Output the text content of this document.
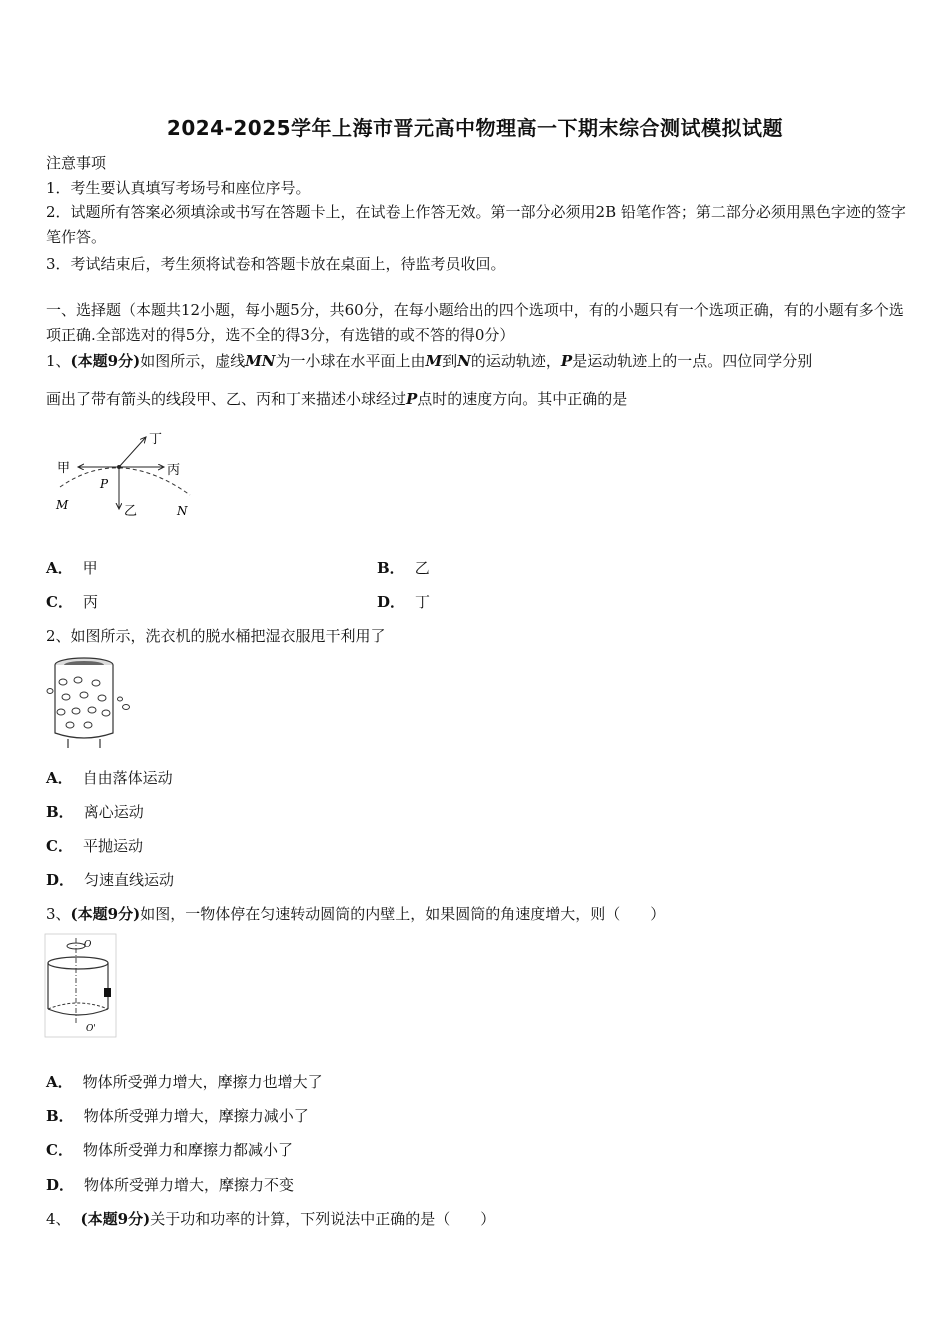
2024-2025学年上海市晋元高中物理高一下期末综合测试模拟试题
注意事项
1．考生要认真填写考场号和座位序号。
2．试题所有答案必须填涂或书写在答题卡上，在试卷上作答无效。第一部分必须用2B 铅笔作答；第二部分必须用黑色字迹的签字笔作答。
3．考试结束后，考生须将试卷和答题卡放在桌面上，待监考员收回。
一、选择题（本题共12小题，每小题5分，共60分，在每小题给出的四个选项中，有的小题只有一个选项正确，有的小题有多个选项正确.全部选对的得5分，选不全的得3分，有选错的或不答的得0分）
1、(本题9分)如图所示，虚线MN为一小球在水平面上由M到N的运动轨迹，P是运动轨迹上的一点。四位同学分别
画出了带有箭头的线段甲、乙、丙和丁来描述小球经过P点时的速度方向。其中正确的是
甲	丙
乙
丁
M	N
P
A． 甲	B． 乙
C． 丙	D． 丁
2、如图所示，洗衣机的脱水桶把湿衣服甩干利用了
A． 自由落体运动
B． 离心运动
C． 平抛运动
D． 匀速直线运动
3、(本题9分)如图，一物体停在匀速转动圆筒的内壁上，如果圆筒的角速度增大，则（　　）
O
O'
A． 物体所受弹力增大，摩擦力也增大了
B． 物体所受弹力增大，摩擦力减小了
C． 物体所受弹力和摩擦力都减小了
D． 物体所受弹力增大，摩擦力不变
4、 (本题9分)关于功和功率的计算，下列说法中正确的是（　　）
